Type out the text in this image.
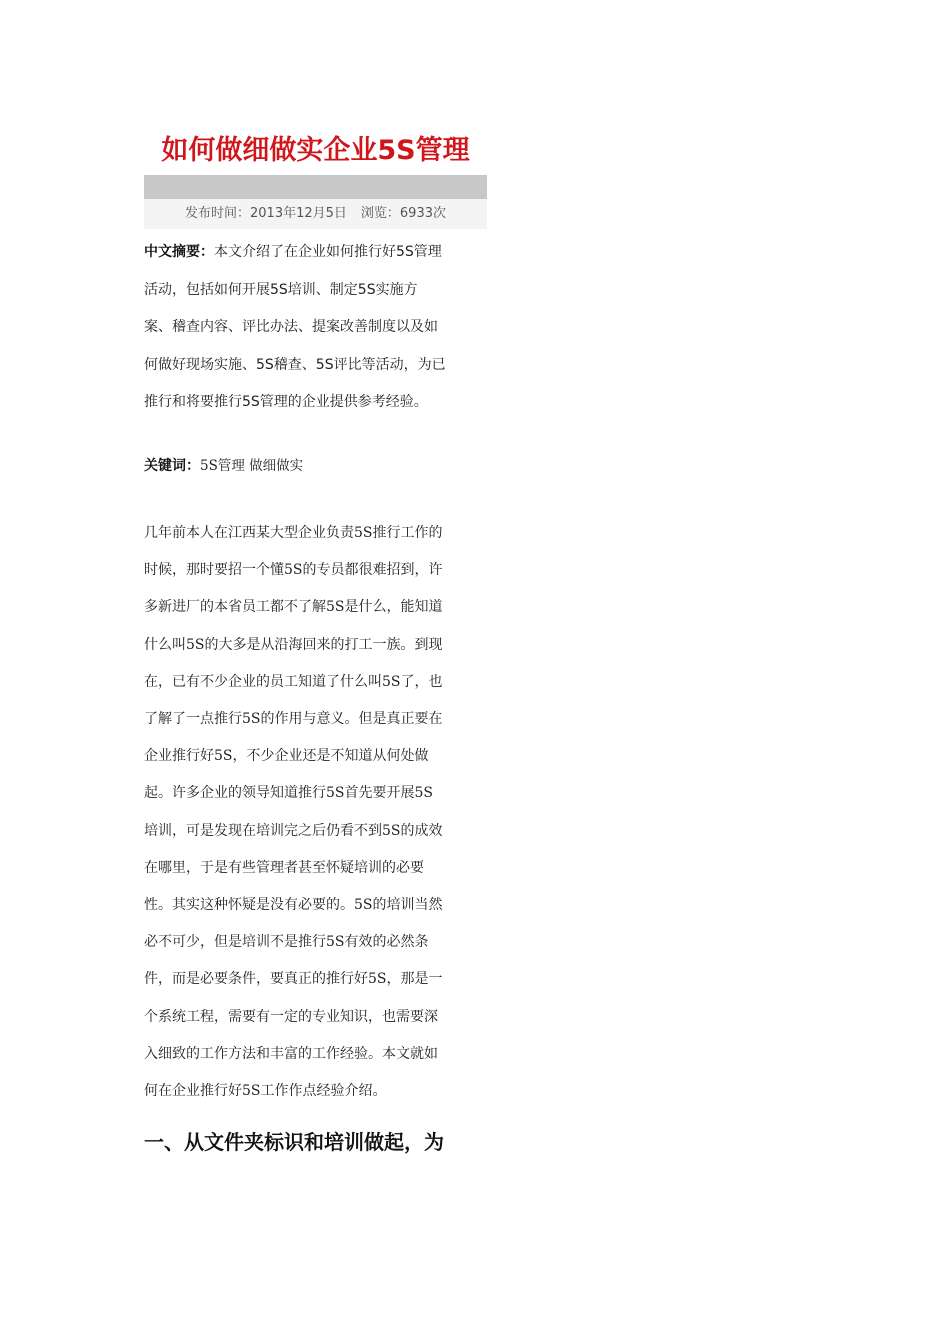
如何做细做实企业5S管理
发布时间：2013年12月5日 浏览：6933次
中文摘要：本文介绍了在企业如何推行好5S管理
活动，包括如何开展5S培训、制定5S实施方
案、稽查内容、评比办法、提案改善制度以及如
何做好现场实施、5S稽查、5S评比等活动，为已
推行和将要推行5S管理的企业提供参考经验。
关键词：5S管理 做细做实
几年前本人在江西某大型企业负责5S推行工作的
时候，那时要招一个懂5S的专员都很难招到，许
多新进厂的本省员工都不了解5S是什么，能知道
什么叫5S的大多是从沿海回来的打工一族。到现
在，已有不少企业的员工知道了什么叫5S了，也
了解了一点推行5S的作用与意义。但是真正要在
企业推行好5S，不少企业还是不知道从何处做
起。许多企业的领导知道推行5S首先要开展5S
培训，可是发现在培训完之后仍看不到5S的成效
在哪里，于是有些管理者甚至怀疑培训的必要
性。其实这种怀疑是没有必要的。5S的培训当然
必不可少，但是培训不是推行5S有效的必然条
件，而是必要条件，要真正的推行好5S，那是一
个系统工程，需要有一定的专业知识，也需要深
入细致的工作方法和丰富的工作经验。本文就如
何在企业推行好5S工作作点经验介绍。
一、从文件夹标识和培训做起，为
